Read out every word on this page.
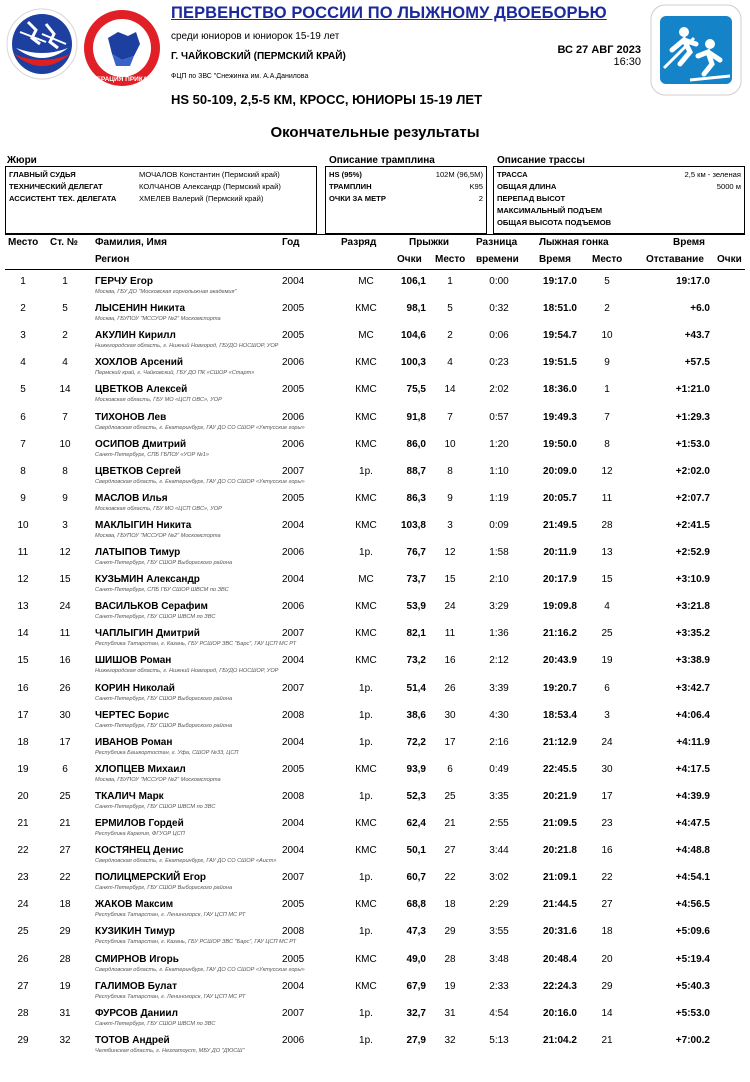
ФЕДЕРАЦИЯ ПРИКАМЬЯ
ПЕРВЕНСТВО РОССИИ ПО ЛЫЖНОМУ ДВОЕБОРЬЮ
среди юниоров и юниорок 15-19 лет
Г. ЧАЙКОВСКИЙ (ПЕРМСКИЙ КРАЙ)
ВС 27 АВГ 2023
16:30
ФЦП по ЗВС "Снежинка им. А.А.Данилова
HS 50-109, 2,5-5 КМ, КРОСС, ЮНИОРЫ 15-19 ЛЕТ
Окончательные результаты
Жюри	Описание трамплина	Описание трассы
ГЛАВНЫЙ СУДЬЯ	МОЧАЛОВ Константин (Пермский край)
ТЕХНИЧЕСКИЙ ДЕЛЕГАТ	КОЛЧАНОВ Александр (Пермский край)
АССИСТЕНТ ТЕХ. ДЕЛЕГАТА	ХМЕЛЕВ Валерий (Пермский край)
HS (95%)	102М (96,5М)
ТРАМПЛИН	K95
ОЧКИ ЗА МЕТР	2
ТРАССА	2,5 км - зеленая
ОБЩАЯ ДЛИНА	5000 м
ПЕРЕПАД ВЫСОТ
МАКСИМАЛЬНЫЙ ПОДЪЕМ
ОБЩАЯ ВЫСОТА ПОДЪЕМОВ
Место Ст. № Фамилия, Имя
Регион
Год	Разряд	Прыжки
Очки Место
Разница
времени
Лыжная гонка
Время Место
Время
Отставание Очки
1	1	ГЕРЧУ Егор	2004	МС	106,1	1	0:00	19:17.0	5	19:17.0
Москва, ГБУ ДО "Московская горнолыжная академия"
2	5	ЛЫСЕНИН Никита	2005	КМС	98,1	5	0:32	18:51.0	2	+6.0
Москва, ГБУПОУ "МССУОР №2" Москомспорта
3	2	АКУЛИН Кирилл	2005	МС	104,6	2	0:06	19:54.7	10	+43.7
Нижегородская область, г. Нижний Новгород, ГБУДО НОСШОР, УОР
4	4	ХОХЛОВ Арсений	2006	КМС	100,3	4	0:23	19:51.5	9	+57.5
Пермский край, г. Чайковский, ГБУ ДО ПК «СШОР «Старт»
5	14	ЦВЕТКОВ Алексей	2005	КМС	75,5	14	2:02	18:36.0	1	+1:21.0
Московская область, ГБУ МО «ЦСП ОВС», УОР
6	7	ТИХОНОВ Лев	2006	КМС	91,8	7	0:57	19:49.3	7	+1:29.3
Свердловская область, г. Екатеринбург, ГАУ ДО СО СШОР «Уктусские горы»
7	10	ОСИПОВ Дмитрий	2006	КМС	86,0	10	1:20	19:50.0	8	+1:53.0
Санкт-Петербург, СПБ ГБПОУ «УОР №1»
8	8	ЦВЕТКОВ Сергей	2007	1р.	88,7	8	1:10	20:09.0	12	+2:02.0
Свердловская область, г. Екатеринбург, ГАУ ДО СО СШОР «Уктусские горы»
9	9	МАСЛОВ Илья	2005	КМС	86,3	9	1:19	20:05.7	11	+2:07.7
Московская область, ГБУ МО «ЦСП ОВС», УОР
10	3	МАКЛЫГИН Никита	2004	КМС	103,8	3	0:09	21:49.5	28	+2:41.5
Москва, ГБУПОУ "МССУОР №2" Москомспорта
11	12	ЛАТЫПОВ Тимур	2006	1р.	76,7	12	1:58	20:11.9	13	+2:52.9
Санкт-Петербург, ГБУ СШОР Выборгского района
12	15	КУЗЬМИН Александр	2004	МС	73,7	15	2:10	20:17.9	15	+3:10.9
Санкт-Петербург, СПБ ГБУ СШОР ШВСМ по ЗВС
13	24	ВАСИЛЬКОВ Серафим	2006	КМС	53,9	24	3:29	19:09.8	4	+3:21.8
Санкт-Петербург, ГБУ СШОР ШВСМ по ЗВС
14	11	ЧАПЛЫГИН Дмитрий	2007	КМС	82,1	11	1:36	21:16.2	25	+3:35.2
Республика Татарстан, г. Казань, ГБУ РСШОР ЗВС "Барс", ГАУ ЦСП МС РТ
15	16	ШИШОВ Роман	2004	КМС	73,2	16	2:12	20:43.9	19	+3:38.9
Нижегородская область, г. Нижний Новгород, ГБУДО НОСШОР, УОР
16	26	КОРИН Николай	2007	1р.	51,4	26	3:39	19:20.7	6	+3:42.7
Санкт-Петербург, ГБУ СШОР Выборгского района
17	30	ЧЕРТЕС Борис	2008	1р.	38,6	30	4:30	18:53.4	3	+4:06.4
Санкт-Петербург, ГБУ СШОР Выборгского района
18	17	ИВАНОВ Роман	2004	1р.	72,2	17	2:16	21:12.9	24	+4:11.9
Республика Башкортостан, г. Уфа, СШОР №33, ЦСП
19	6	ХЛОПЦЕВ Михаил	2005	КМС	93,9	6	0:49	22:45.5	30	+4:17.5
Москва, ГБУПОУ "МССУОР №2" Москомспорта
20	25	ТКАЛИЧ Марк	2008	1р.	52,3	25	3:35	20:21.9	17	+4:39.9
Санкт-Петербург, ГБУ СШОР ШВСМ по ЗВС
21	21	ЕРМИЛОВ Гордей	2004	КМС	62,4	21	2:55	21:09.5	23	+4:47.5
Республика Карелия, ФГУОР ЦСП
22	27	КОСТЯНЕЦ Денис	2004	КМС	50,1	27	3:44	20:21.8	16	+4:48.8
Свердловская область, г. Екатеринбург, ГАУ ДО СО СШОР «Аист»
23	22	ПОЛИЦМЕРСКИЙ Егор	2007	1р.	60,7	22	3:02	21:09.1	22	+4:54.1
Санкт-Петербург, ГБУ СШОР Выборгского района
24	18	ЖАКОВ Максим	2005	КМС	68,8	18	2:29	21:44.5	27	+4:56.5
Республика Татарстан, г. Лениногорск, ГАУ ЦСП МС РТ
25	29	КУЗИКИН Тимур	2008	1р.	47,3	29	3:55	20:31.6	18	+5:09.6
Республика Татарстан, г. Казань, ГБУ РСШОР ЗВС "Барс", ГАУ ЦСП МС РТ
26	28	СМИРНОВ Игорь	2005	КМС	49,0	28	3:48	20:48.4	20	+5:19.4
Свердловская область, г. Екатеринбург, ГАУ ДО СО СШОР «Уктусские горы»
27	19	ГАЛИМОВ Булат	2004	КМС	67,9	19	2:33	22:24.3	29	+5:40.3
Республика Татарстан, г. Лениногорск, ГАУ ЦСП МС РТ
28	31	ФУРСОВ Даниил	2007	1р.	32,7	31	4:54	20:16.0	14	+5:53.0
Санкт-Петербург, ГБУ СШОР ШВСМ по ЗВС
29	32	ТОТОВ Андрей	2006	1р.	27,9	32	5:13	21:04.2	21	+7:00.2
Челябинская область, г. Незлатоуст, МБУ ДО "ДЮСШ"
